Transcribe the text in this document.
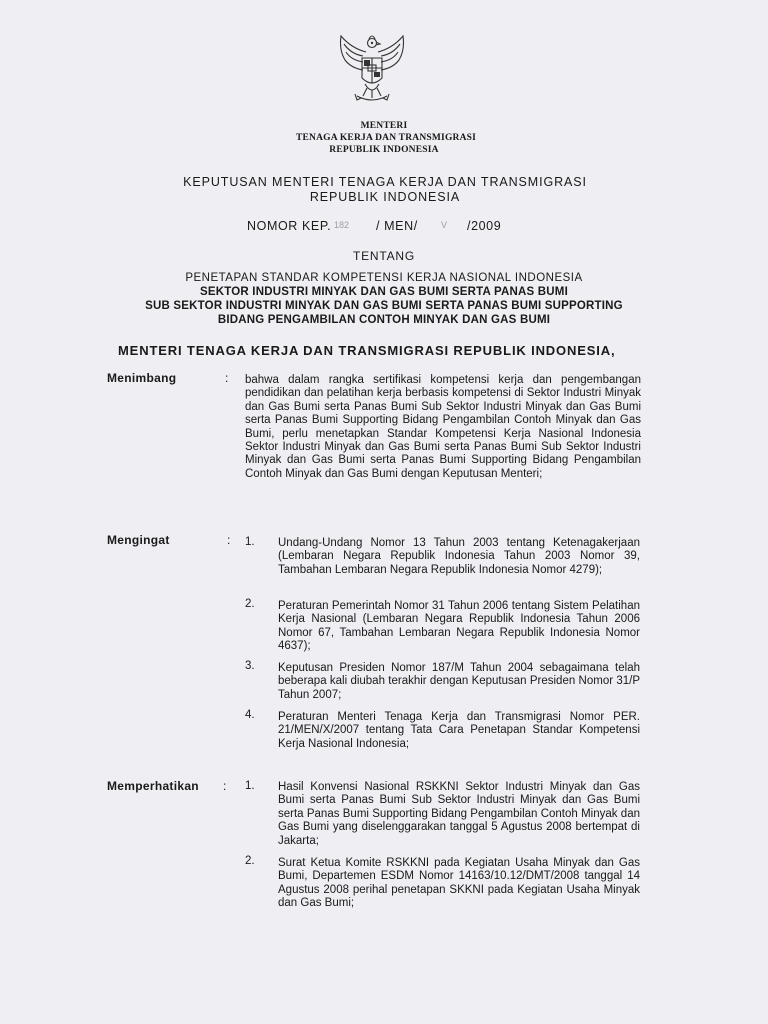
MENTERI
TENAGA KERJA DAN TRANSMIGRASI
REPUBLIK INDONESIA
KEPUTUSAN MENTERI TENAGA KERJA DAN TRANSMIGRASI
REPUBLIK INDONESIA
NOMOR KEP. 182 / MEN/	V /2009
TENTANG
PENETAPAN STANDAR KOMPETENSI KERJA NASIONAL INDONESIA
SEKTOR INDUSTRI MINYAK DAN GAS BUMI SERTA PANAS BUMI
SUB SEKTOR INDUSTRI MINYAK DAN GAS BUMI SERTA PANAS BUMI SUPPORTING
BIDANG PENGAMBILAN CONTOH MINYAK DAN GAS BUMI
MENTERI TENAGA KERJA DAN TRANSMIGRASI REPUBLIK INDONESIA,
Menimbang	: bahwa dalam rangka sertifikasi kompetensi kerja dan pengembangan pendidikan dan pelatihan kerja berbasis kompetensi di Sektor Industri Minyak dan Gas Bumi serta Panas Bumi Sub Sektor Industri Minyak dan Gas Bumi serta Panas Bumi Supporting Bidang Pengambilan Contoh Minyak dan Gas Bumi, perlu menetapkan Standar Kompetensi Kerja Nasional Indonesia Sektor Industri Minyak dan Gas Bumi serta Panas Bumi Sub Sektor Industri Minyak dan Gas Bumi serta Panas Bumi Supporting Bidang Pengambilan Contoh Minyak dan Gas Bumi dengan Keputusan Menteri;
Mengingat	: 1. Undang-Undang Nomor 13 Tahun 2003 tentang Ketenagakerjaan (Lembaran Negara Republik Indonesia Tahun 2003 Nomor 39, Tambahan Lembaran Negara Republik Indonesia Nomor 4279);
2. Peraturan Pemerintah Nomor 31 Tahun 2006 tentang Sistem Pelatihan Kerja Nasional (Lembaran Negara Republik Indonesia Tahun 2006 Nomor 67, Tambahan Lembaran Negara Republik Indonesia Nomor 4637);
3. Keputusan Presiden Nomor 187/M Tahun 2004 sebagaimana telah beberapa kali diubah terakhir dengan Keputusan Presiden Nomor 31/P Tahun 2007;
4. Peraturan Menteri Tenaga Kerja dan Transmigrasi Nomor PER. 21/MEN/X/2007 tentang Tata Cara Penetapan Standar Kompetensi Kerja Nasional Indonesia;
Memperhatikan : 1. Hasil Konvensi Nasional RSKKNI Sektor Industri Minyak dan Gas Bumi serta Panas Bumi Sub Sektor Industri Minyak dan Gas Bumi serta Panas Bumi Supporting Bidang Pengambilan Contoh Minyak dan Gas Bumi yang diselenggarakan tanggal 5 Agustus 2008 bertempat di Jakarta;
2. Surat Ketua Komite RSKKNI pada Kegiatan Usaha Minyak dan Gas Bumi, Departemen ESDM Nomor 14163/10.12/DMT/2008 tanggal 14 Agustus 2008 perihal penetapan SKKNI pada Kegiatan Usaha Minyak dan Gas Bumi;
